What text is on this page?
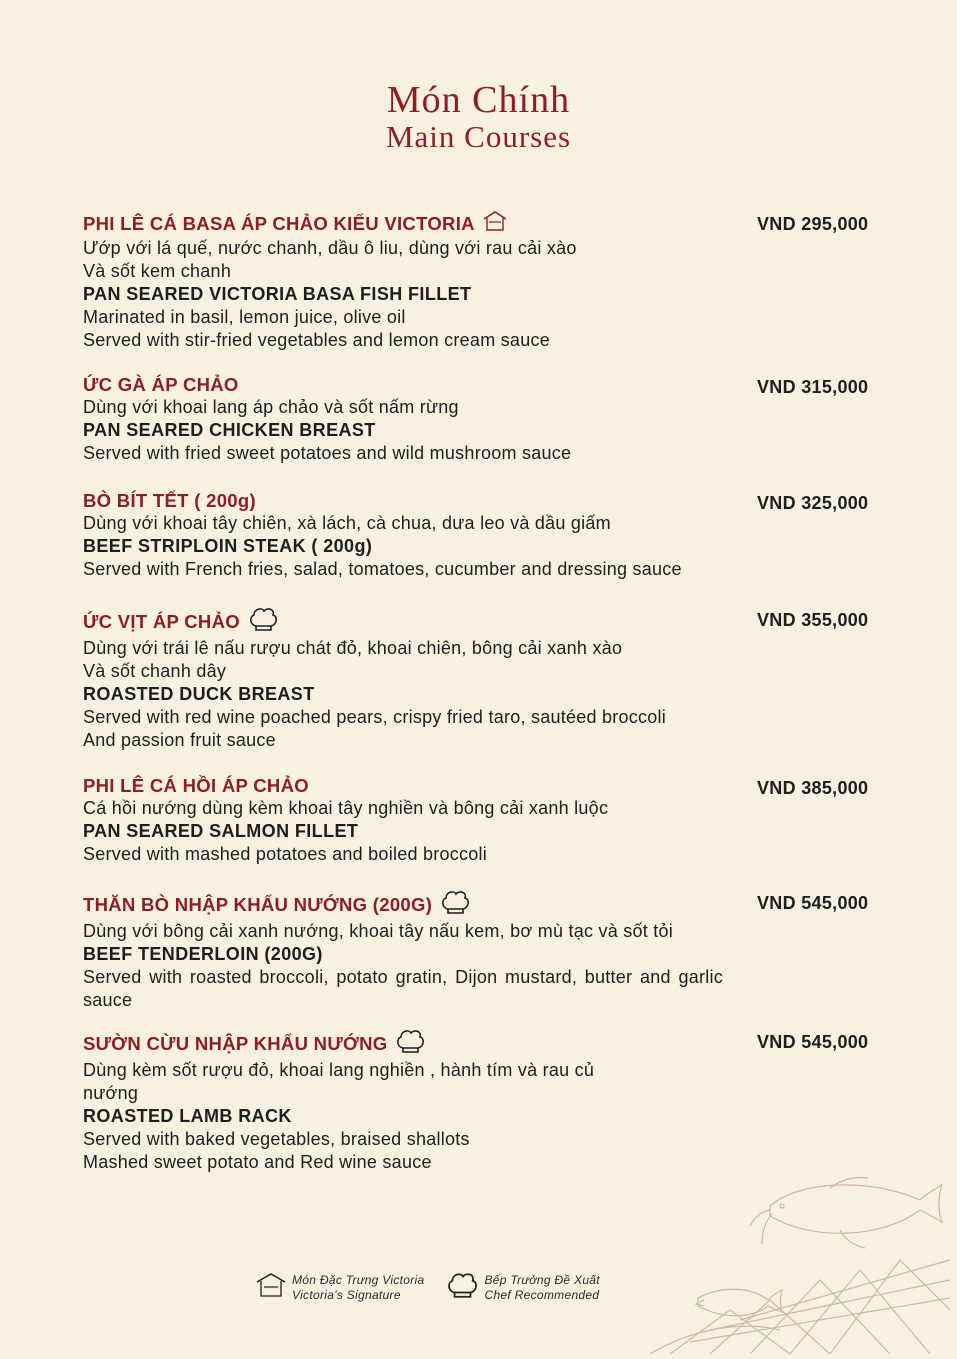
Món Chính
Main Courses
PHI LÊ CÁ BASA ÁP CHẢO KIỂU VICTORIA
Ướp với lá quế, nước chanh, dầu ô liu, dùng với rau cải xào
Và sốt kem chanh
PAN SEARED VICTORIA BASA FISH FILLET
Marinated in basil, lemon juice, olive oil
Served with stir-fried vegetables and lemon cream sauce
VND 295,000
ỨC GÀ ÁP CHẢO
Dùng với khoai lang áp chảo và sốt nấm rừng
PAN SEARED CHICKEN BREAST
Served with fried sweet potatoes and wild mushroom sauce
VND 315,000
BÒ BÍT TẾT ( 200g)
Dùng với khoai tây chiên, xà lách, cà chua, dưa leo và dầu giấm
BEEF STRIPLOIN STEAK ( 200g)
Served with French fries, salad, tomatoes, cucumber and dressing sauce
VND 325,000
ỨC VỊT ÁP CHẢO
Dùng với trái lê nấu rượu chát đỏ, khoai chiên, bông cải xanh xào
Và sốt chanh dây
ROASTED DUCK BREAST
Served with red wine poached pears, crispy fried taro, sautéed broccoli
And passion fruit sauce
VND 355,000
PHI LÊ CÁ HỒI ÁP CHẢO
Cá hồi nướng dùng kèm khoai tây nghiền và bông cải xanh luộc
PAN SEARED SALMON FILLET
Served with mashed potatoes and boiled broccoli
VND 385,000
THĂN BÒ NHẬP KHẨU NƯỚNG (200G)
Dùng với bông cải xanh nướng, khoai tây nấu kem, bơ mù tạc và sốt tỏi
BEEF TENDERLOIN (200G)
Served with roasted broccoli, potato gratin, Dijon mustard, butter and garlic sauce
VND 545,000
SƯỜN CỪU NHẬP KHẨU NƯỚNG
Dùng kèm sốt rượu đỏ, khoai lang nghiền , hành tím và rau củ nướng
ROASTED LAMB RACK
Served with baked vegetables, braised shallots
Mashed sweet potato and Red wine sauce
VND 545,000
Món Đặc Trưng Victoria
Victoria's Signature
Bếp Trưởng Đề Xuất
Chef Recommended
